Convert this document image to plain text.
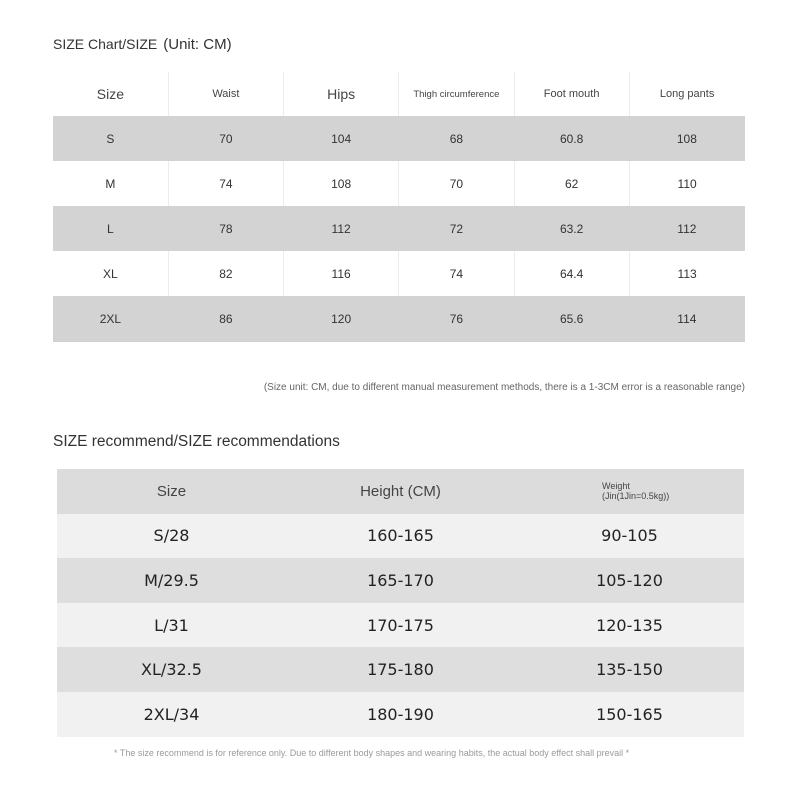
SIZE Chart/SIZE (Unit: CM)
Size	Waist	Hips	Thigh circumference	Foot mouth	Long pants
S	70	104	68	60.8	108
M	74	108	70	62	110
L	78	112	72	63.2	112
XL	82	116	74	64.4	113
2XL	86	120	76	65.6	114
(Size unit: CM, due to different manual measurement methods, there is a 1-3CM error is a reasonable range)
SIZE recommend/SIZE recommendations
Size	Height (CM)	Weight
(Jin(1Jin=0.5kg))

S/28	160-165	90-105
M/29.5	165-170	105-120
L/31	170-175	120-135
XL/32.5	175-180	135-150
2XL/34	180-190	150-165
* The size recommend is for reference only. Due to different body shapes and wearing habits, the actual body effect shall prevail *
